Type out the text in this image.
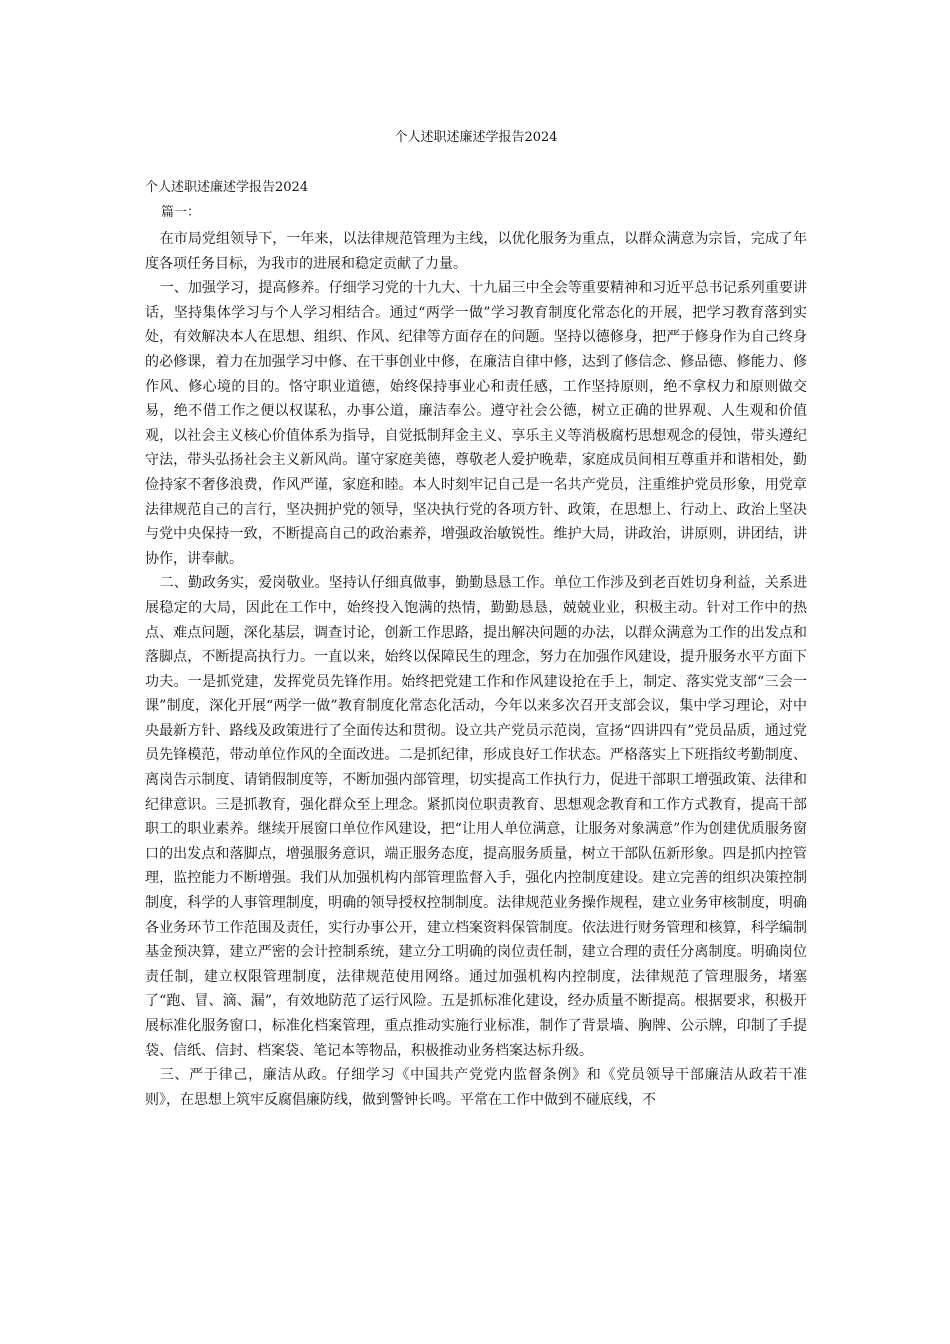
个人述职述廉述学报告2024

个人述职述廉述学报告2024

篇一：

在市局党组领导下，一年来，以法律规范管理为主线，以优化服务为重点，以群众满意为宗旨，完成了年度各项任务目标，为我市的进展和稳定贡献了力量。

一、加强学习，提高修养。仔细学习党的十九大、十九届三中全会等重要精神和习近平总书记系列重要讲话，坚持集体学习与个人学习相结合。通过“两学一做”学习教育制度化常态化的开展，把学习教育落到实处，有效解决本人在思想、组织、作风、纪律等方面存在的问题。坚持以德修身，把严于修身作为自己终身的必修课，着力在加强学习中修、在干事创业中修，在廉洁自律中修，达到了修信念、修品德、修能力、修作风、修心境的目的。恪守职业道德，始终保持事业心和责任感，工作坚持原则，绝不拿权力和原则做交易，绝不借工作之便以权谋私，办事公道，廉洁奉公。遵守社会公德，树立正确的世界观、人生观和价值观，以社会主义核心价值体系为指导，自觉抵制拜金主义、享乐主义等消极腐朽思想观念的侵蚀，带头遵纪守法，带头弘扬社会主义新风尚。谨守家庭美德，尊敬老人爱护晚辈，家庭成员间相互尊重并和谐相处，勤俭持家不奢侈浪费，作风严谨，家庭和睦。本人时刻牢记自己是一名共产党员，注重维护党员形象，用党章法律规范自己的言行，坚决拥护党的领导，坚决执行党的各项方针、政策，在思想上、行动上、政治上坚决与党中央保持一致，不断提高自己的政治素养，增强政治敏锐性。维护大局，讲政治，讲原则，讲团结，讲协作，讲奉献。

二、勤政务实，爱岗敬业。坚持认仔细真做事，勤勤恳恳工作。单位工作涉及到老百姓切身利益，关系进展稳定的大局，因此在工作中，始终投入饱满的热情，勤勤恳恳，兢兢业业，积极主动。针对工作中的热点、难点问题，深化基层，调查讨论，创新工作思路，提出解决问题的办法，以群众满意为工作的出发点和落脚点，不断提高执行力。一直以来，始终以保障民生的理念，努力在加强作风建设，提升服务水平方面下功夫。一是抓党建，发挥党员先锋作用。始终把党建工作和作风建设抢在手上，制定、落实党支部“三会一课”制度，深化开展“两学一做”教育制度化常态化活动，今年以来多次召开支部会议，集中学习理论，对中央最新方针、路线及政策进行了全面传达和贯彻。设立共产党员示范岗，宣扬“四讲四有”党员品质，通过党员先锋模范，带动单位作风的全面改进。二是抓纪律，形成良好工作状态。严格落实上下班指纹考勤制度、离岗告示制度、请销假制度等，不断加强内部管理，切实提高工作执行力，促进干部职工增强政策、法律和纪律意识。三是抓教育，强化群众至上理念。紧抓岗位职责教育、思想观念教育和工作方式教育，提高干部职工的职业素养。继续开展窗口单位作风建设，把“让用人单位满意，让服务对象满意”作为创建优质服务窗口的出发点和落脚点，增强服务意识，端正服务态度，提高服务质量，树立干部队伍新形象。四是抓内控管理，监控能力不断增强。我们从加强机构内部管理监督入手，强化内控制度建设。建立完善的组织决策控制制度，科学的人事管理制度，明确的领导授权控制制度。法律规范业务操作规程，建立业务审核制度，明确各业务环节工作范围及责任，实行办事公开，建立档案资料保管制度。依法进行财务管理和核算，科学编制基金预决算，建立严密的会计控制系统，建立分工明确的岗位责任制，建立合理的责任分离制度。明确岗位责任制，建立权限管理制度，法律规范使用网络。通过加强机构内控制度，法律规范了管理服务，堵塞了“跑、冒、滴、漏”，有效地防范了运行风险。五是抓标准化建设，经办质量不断提高。根据要求，积极开展标准化服务窗口，标准化档案管理，重点推动实施行业标准，制作了背景墙、胸牌、公示牌，印制了手提袋、信纸、信封、档案袋、笔记本等物品，积极推动业务档案达标升级。

三、严于律己，廉洁从政。仔细学习《中国共产党党内监督条例》和《党员领导干部廉洁从政若干准则》，在思想上筑牢反腐倡廉防线，做到警钟长鸣。平常在工作中做到不碰底线，不
